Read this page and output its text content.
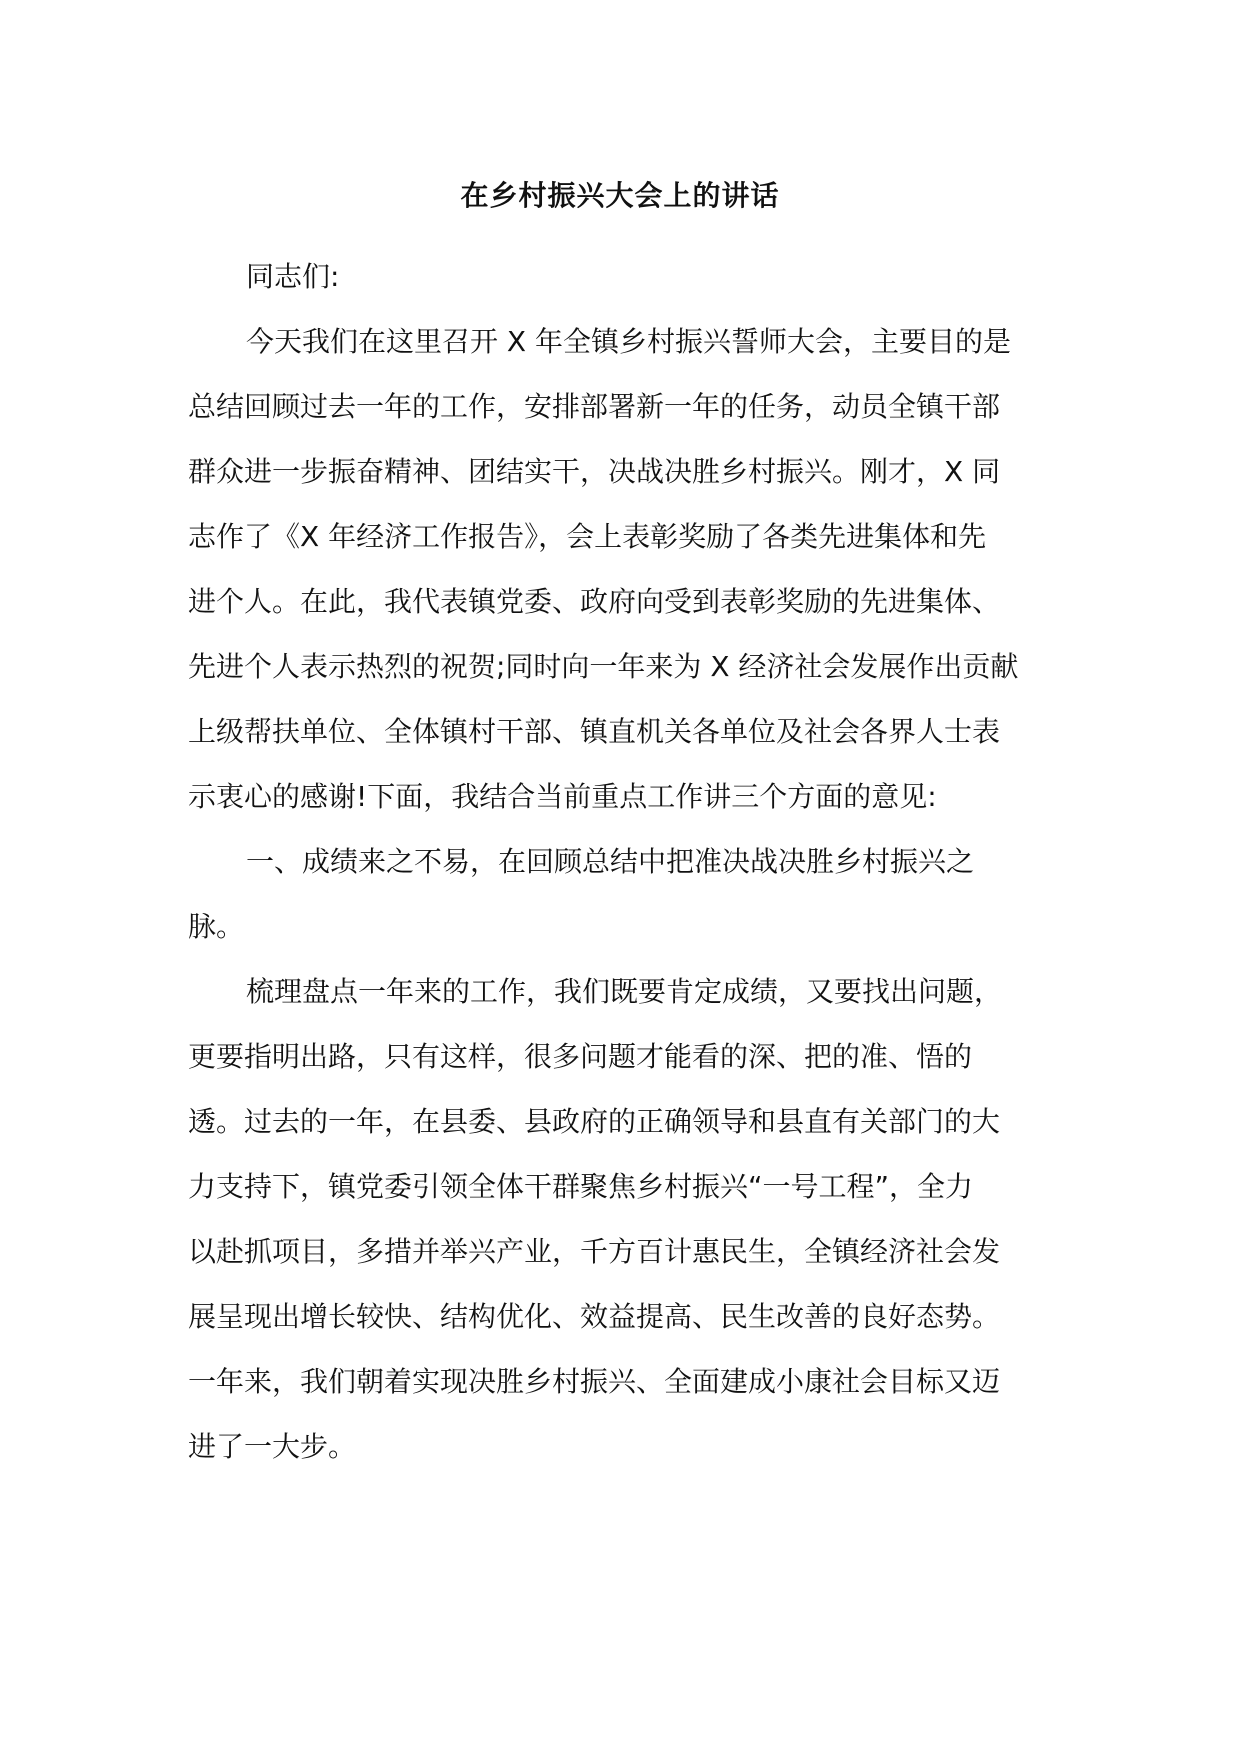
在乡村振兴大会上的讲话

同志们:

今天我们在这里召开 X 年全镇乡村振兴誓师大会，主要目的是
总结回顾过去一年的工作，安排部署新一年的任务，动员全镇干部
群众进一步振奋精神、团结实干，决战决胜乡村振兴。刚才，X 同
志作了《X 年经济工作报告》，会上表彰奖励了各类先进集体和先
进个人。在此，我代表镇党委、政府向受到表彰奖励的先进集体、
先进个人表示热烈的祝贺;同时向一年来为 X 经济社会发展作出贡献
上级帮扶单位、全体镇村干部、镇直机关各单位及社会各界人士表
示衷心的感谢!下面，我结合当前重点工作讲三个方面的意见:

一、成绩来之不易，在回顾总结中把准决战决胜乡村振兴之
脉。

梳理盘点一年来的工作，我们既要肯定成绩，又要找出问题，
更要指明出路，只有这样，很多问题才能看的深、把的准、悟的
透。过去的一年，在县委、县政府的正确领导和县直有关部门的大
力支持下，镇党委引领全体干群聚焦乡村振兴“一号工程”，全力
以赴抓项目，多措并举兴产业，千方百计惠民生，全镇经济社会发
展呈现出增长较快、结构优化、效益提高、民生改善的良好态势。
一年来，我们朝着实现决胜乡村振兴、全面建成小康社会目标又迈
进了一大步。
